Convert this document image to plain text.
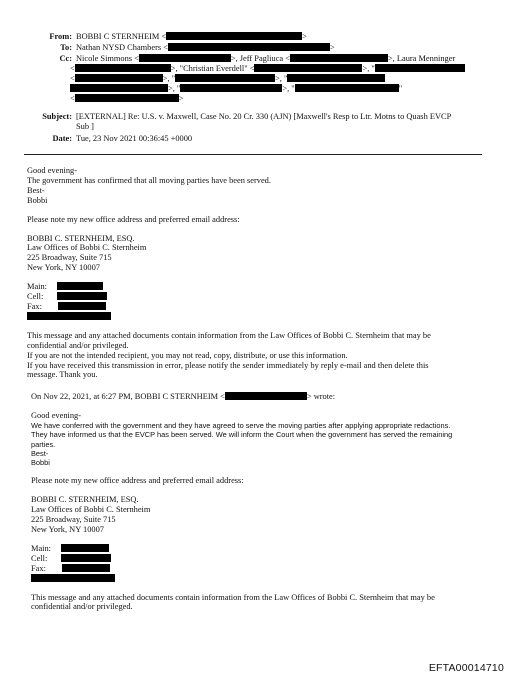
From: BOBBI C STERNHEIM <	>
To: Nathan NYSD Chambers <	>
Cc: Nicole Simmons <	>, Jeff Pagliuca <	>, Laura Menninger
<	>, "Christian Everdell" <	>, "
<	>, "	>, "
>, "	>, "	"
<	>
Subject: [EXTERNAL] Re: U.S. v. Maxwell, Case No. 20 Cr. 330 (AJN) [Maxwell's Resp to Ltr. Motns to Quash EVCP
Sub ]
Date: Tue, 23 Nov 2021 00:36:45 +0000

Good evening-

The government has confirmed that all moving parties have been served.

Best-

Bobbi

Please note my new office address and preferred email address:

BOBBI C. STERNHEIM, ESQ.

Law Offices of Bobbi C. Sternheim

225 Broadway, Suite 715

New York, NY 10007

Main:

Cell:

Fax:

This message and any attached documents contain information from the Law Offices of Bobbi C. Sternheim that may be

confidential and/or privileged.

If you are not the intended recipient, you may not read, copy, distribute, or use this information.

If you have received this transmission in error, please notify the sender immediately by reply e-mail and then delete this

message. Thank you.

On Nov 22, 2021, at 6:27 PM, BOBBI C STERNHEIM <	> wrote:

Good evening-

We have conferred with the government and they have agreed to serve the moving parties after applying appropriate redactions.

They have informed us that the EVCP has been served. We will inform the Court when the government has served the remaining

parties.

Best-

Bobbi

Please note my new office address and preferred email address:

BOBBI C. STERNHEIM, ESQ.

Law Offices of Bobbi C. Sternheim

225 Broadway, Suite 715

New York, NY 10007

Main:

Cell:

Fax:

This message and any attached documents contain information from the Law Offices of Bobbi C. Sternheim that may be

confidential and/or privileged.

EFTA00014710
